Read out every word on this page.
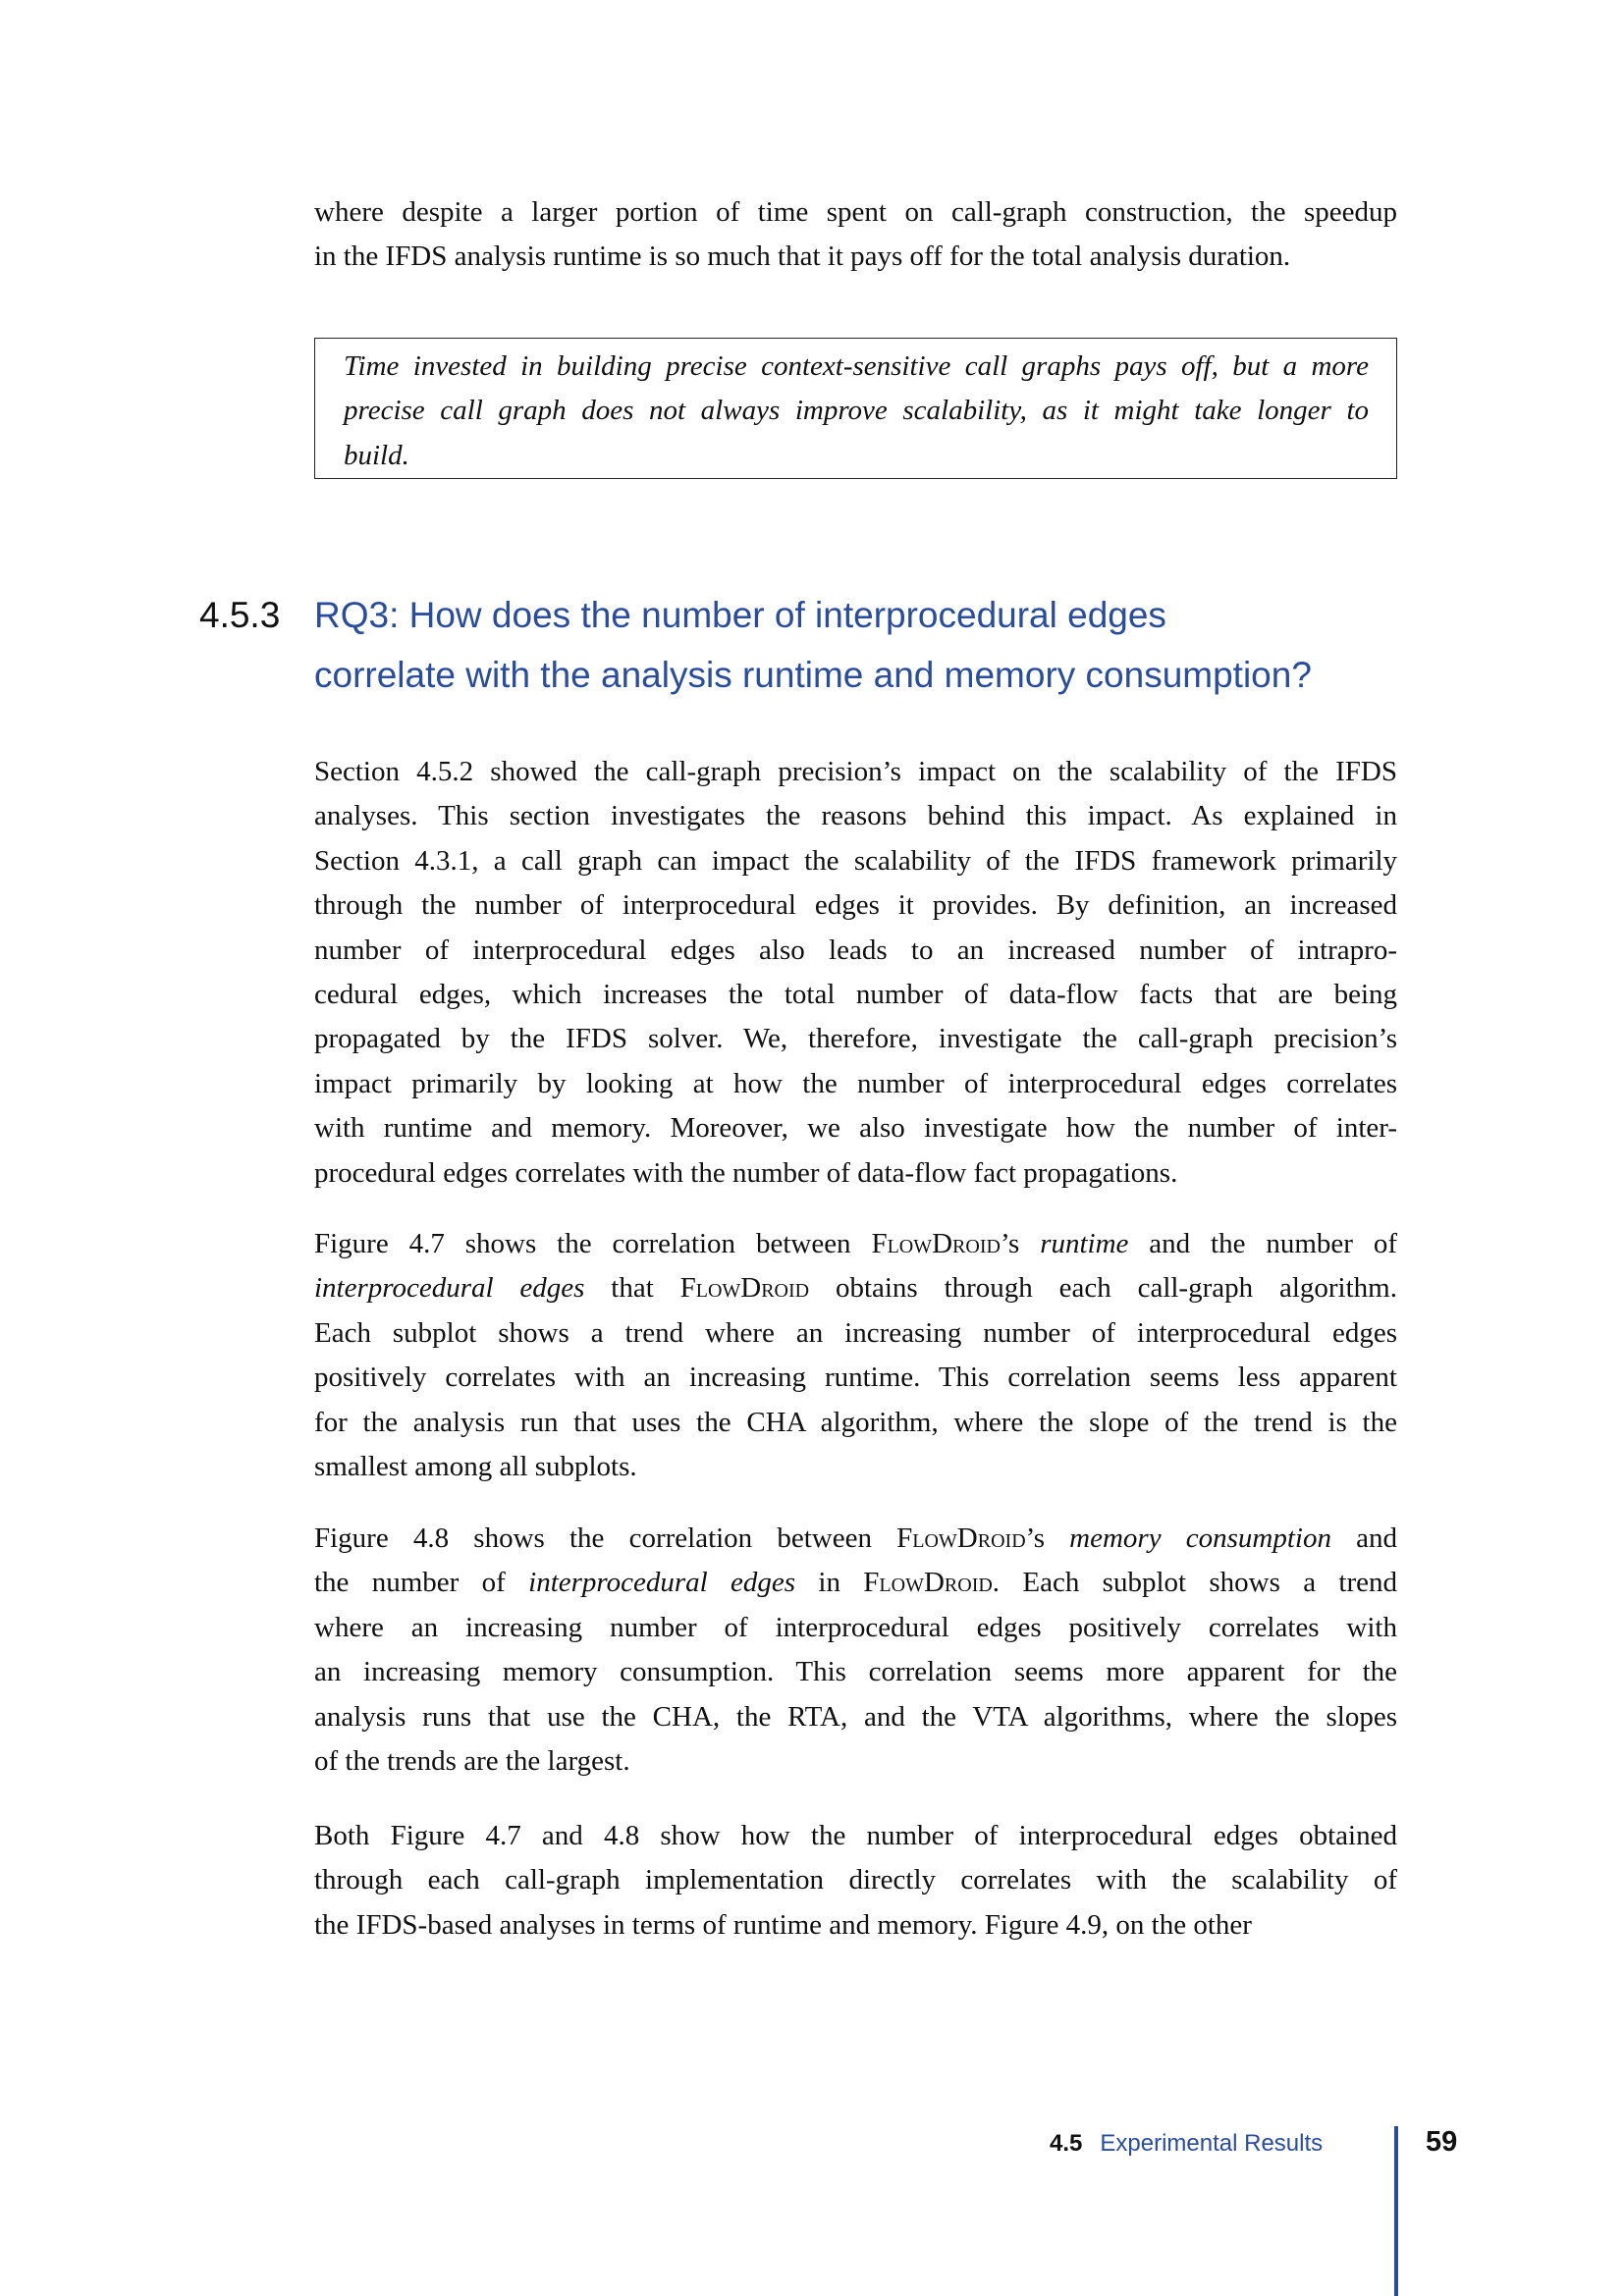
where despite a larger portion of time spent on call-graph construction, the speedup
in the IFDS analysis runtime is so much that it pays off for the total analysis duration.
Time invested in building precise context-sensitive call graphs pays off, but a more
precise call graph does not always improve scalability, as it might take longer to
build.
4.5.3 RQ3: How does the number of interprocedural edges
correlate with the analysis runtime and memory consumption?
Section 4.5.2 showed the call-graph precision’s impact on the scalability of the IFDS
analyses. This section investigates the reasons behind this impact. As explained in
Section 4.3.1, a call graph can impact the scalability of the IFDS framework primarily
through the number of interprocedural edges it provides. By definition, an increased
number of interprocedural edges also leads to an increased number of intrapro-
cedural edges, which increases the total number of data-flow facts that are being
propagated by the IFDS solver. We, therefore, investigate the call-graph precision’s
impact primarily by looking at how the number of interprocedural edges correlates
with runtime and memory. Moreover, we also investigate how the number of inter-
procedural edges correlates with the number of data-flow fact propagations.
Figure 4.7 shows the correlation between FlowDroid’s runtime and the number of
interprocedural edges that FlowDroid obtains through each call-graph algorithm.
Each subplot shows a trend where an increasing number of interprocedural edges
positively correlates with an increasing runtime. This correlation seems less apparent
for the analysis run that uses the CHA algorithm, where the slope of the trend is the
smallest among all subplots.
Figure 4.8 shows the correlation between FlowDroid’s memory consumption and
the number of interprocedural edges in FlowDroid. Each subplot shows a trend
where an increasing number of interprocedural edges positively correlates with
an increasing memory consumption. This correlation seems more apparent for the
analysis runs that use the CHA, the RTA, and the VTA algorithms, where the slopes
of the trends are the largest.
Both Figure 4.7 and 4.8 show how the number of interprocedural edges obtained
through each call-graph implementation directly correlates with the scalability of
the IFDS-based analyses in terms of runtime and memory. Figure 4.9, on the other
4.5 Experimental Results	59
